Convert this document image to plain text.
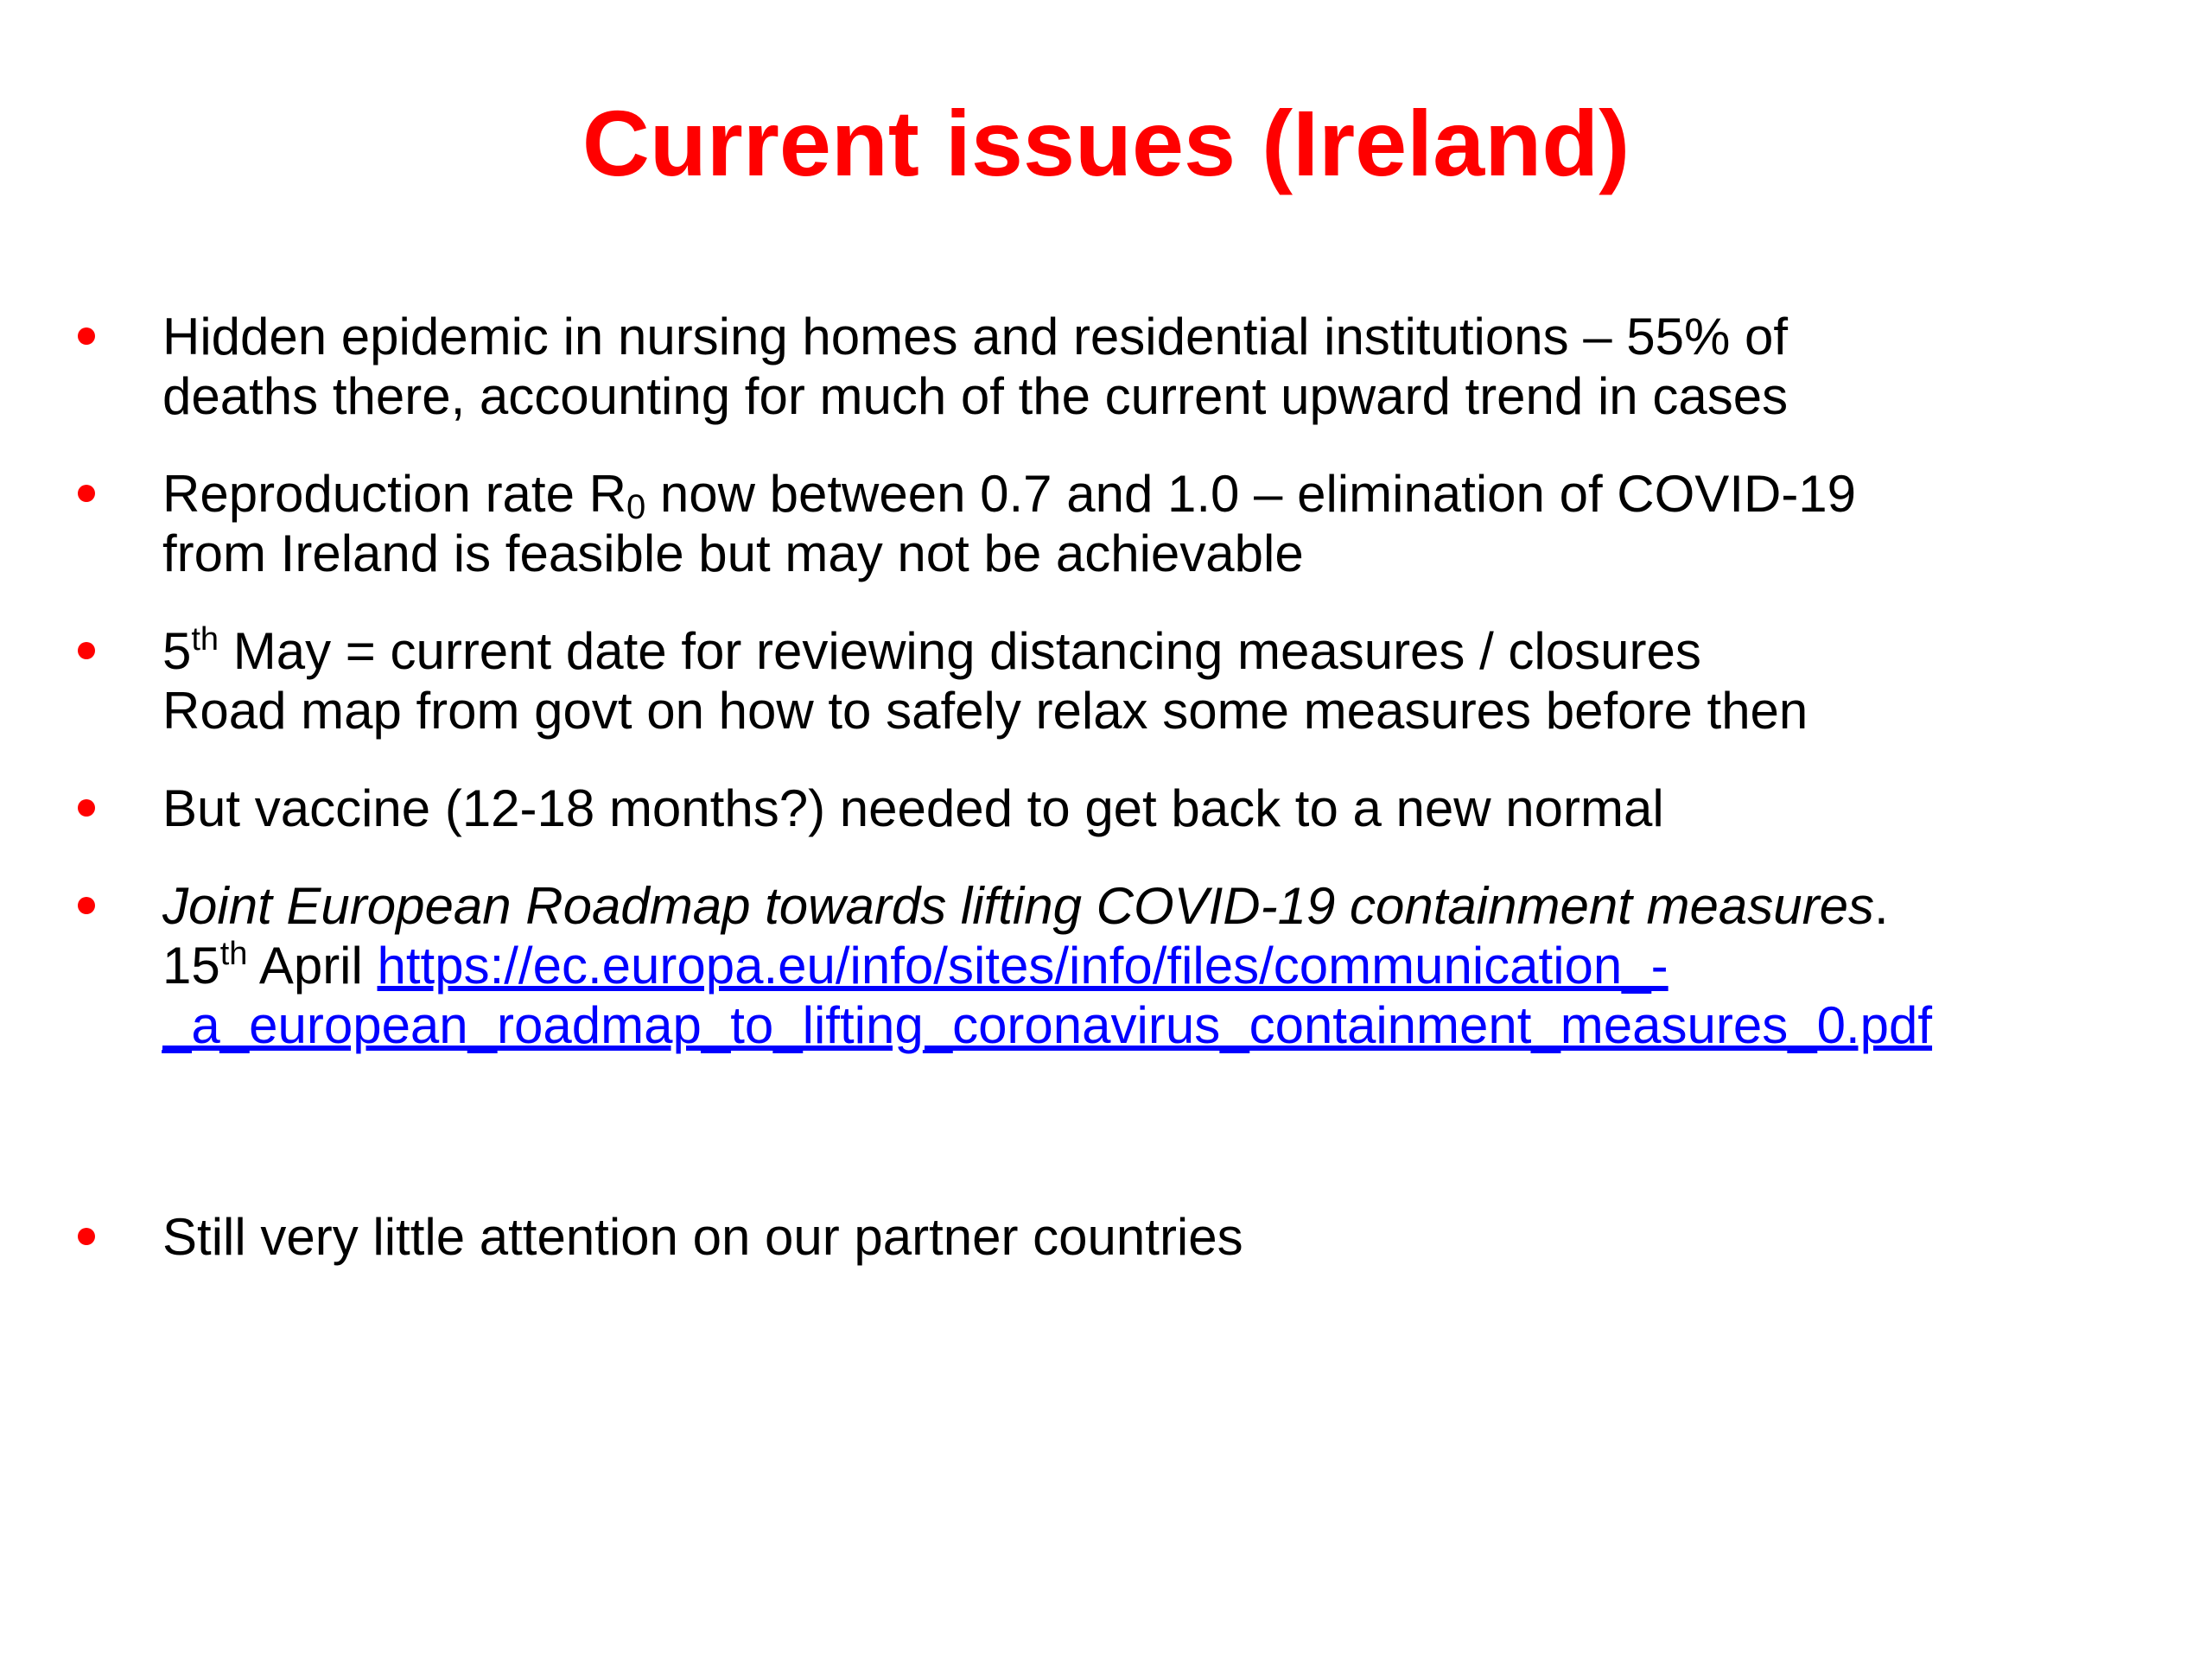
Current issues (Ireland)
Hidden epidemic in nursing homes and residential institutions – 55% of
deaths there, accounting for much of the current upward trend in cases
Reproduction rate $R_0$ now between 0.7 and 1.0 – elimination of COVID-19
from Ireland is feasible but may not be achievable
5th May = current date for reviewing distancing measures / closures
Road map from govt on how to safely relax some measures before then
But vaccine (12-18 months?) needed to get back to a new normal
Joint European Roadmap towards lifting COVID-19 containment measures.
15th April https://ec.europa.eu/info/sites/info/files/communication_-
_a_european_roadmap_to_lifting_coronavirus_containment_measures_0.pdf
Still very little attention on our partner countries
